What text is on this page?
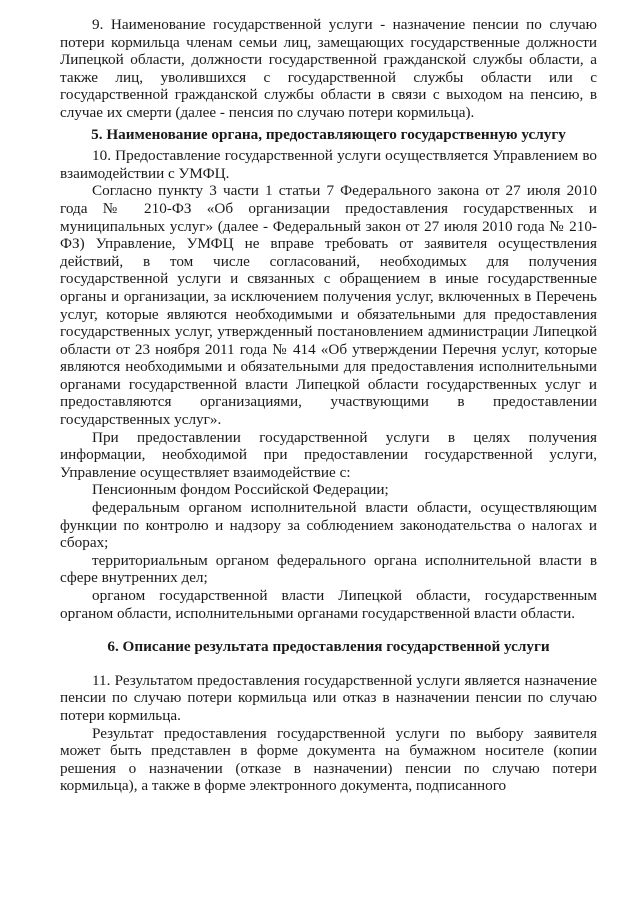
9. Наименование государственной услуги - назначение пенсии по случаю потери кормильца членам семьи лиц, замещающих государственные должности Липецкой области, должности государственной гражданской службы области, а также лиц, уволившихся с государственной службы области или с государственной гражданской службы области в связи с выходом на пенсию, в случае их смерти (далее - пенсия по случаю потери кормильца).

5. Наименование органа, предоставляющего государственную услугу

10. Предоставление государственной услуги осуществляется Управлением во взаимодействии с УМФЦ.

Согласно пункту 3 части 1 статьи 7 Федерального закона от 27 июля 2010 года № 210-ФЗ «Об организации предоставления государственных и муниципальных услуг» (далее - Федеральный закон от 27 июля 2010 года № 210-ФЗ) Управление, УМФЦ не вправе требовать от заявителя осуществления действий, в том числе согласований, необходимых для получения государственной услуги и связанных с обращением в иные государственные органы и организации, за исключением получения услуг, включенных в Перечень услуг, которые являются необходимыми и обязательными для предоставления государственных услуг, утвержденный постановлением администрации Липецкой области от 23 ноября 2011 года № 414 «Об утверждении Перечня услуг, которые являются необходимыми и обязательными для предоставления исполнительными органами государственной власти Липецкой области государственных услуг и предоставляются организациями, участвующими в предоставлении государственных услуг».

При предоставлении государственной услуги в целях получения информации, необходимой при предоставлении государственной услуги, Управление осуществляет взаимодействие с:

Пенсионным фондом Российской Федерации;

федеральным органом исполнительной власти области, осуществляющим функции по контролю и надзору за соблюдением законодательства о налогах и сборах;

территориальным органом федерального органа исполнительной власти в сфере внутренних дел;

органом государственной власти Липецкой области, государственным органом области, исполнительными органами государственной власти области.

6. Описание результата предоставления государственной услуги

11. Результатом предоставления государственной услуги является назначение пенсии по случаю потери кормильца или отказ в назначении пенсии по случаю потери кормильца.

Результат предоставления государственной услуги по выбору заявителя может быть представлен в форме документа на бумажном носителе (копии решения о назначении (отказе в назначении) пенсии по случаю потери кормильца), а также в форме электронного документа, подписанного
